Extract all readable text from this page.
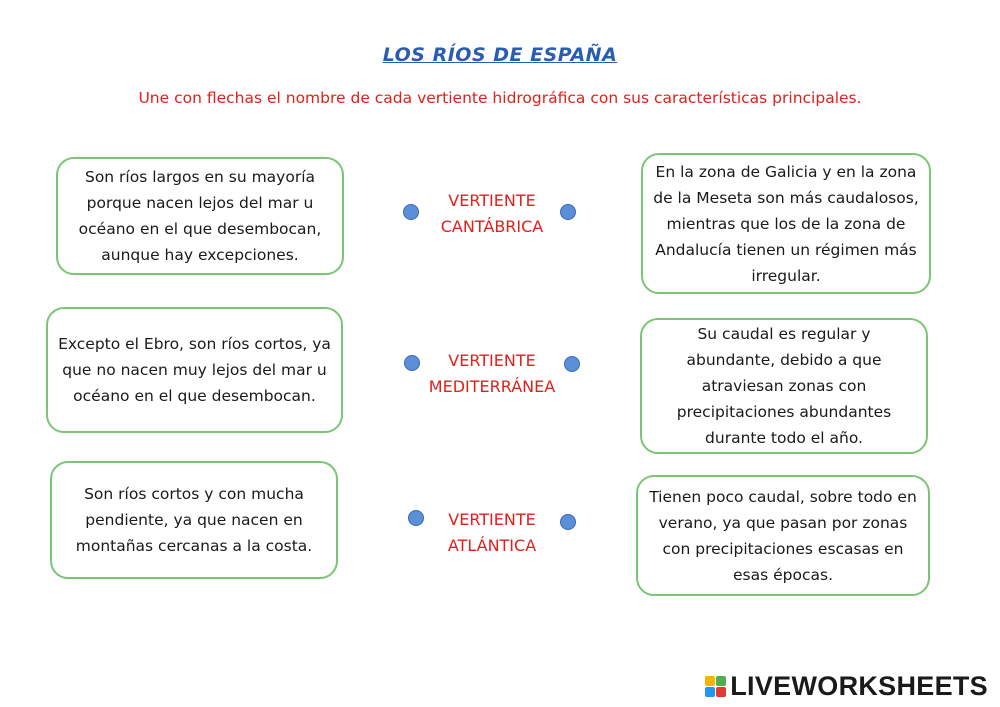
LOS RÍOS DE ESPAÑA
Une con flechas el nombre de cada vertiente hidrográfica con sus características principales.
Son ríos largos en su mayoría porque nacen lejos del mar u océano en el que desembocan, aunque hay excepciones.
Excepto el Ebro, son ríos cortos, ya que no nacen muy lejos del mar u océano en el que desembocan.
Son ríos cortos y con mucha pendiente, ya que nacen en montañas cercanas a la costa.
VERTIENTE
CANTÁBRICA
VERTIENTE
MEDITERRÁNEA
VERTIENTE
ATLÁNTICA
En la zona de Galicia y en la zona de la Meseta son más caudalosos, mientras que los de la zona de Andalucía tienen un régimen más irregular.
Su caudal es regular y abundante, debido a que atraviesan zonas con precipitaciones abundantes durante todo el año.
Tienen poco caudal, sobre todo en verano, ya que pasan por zonas con precipitaciones escasas en esas épocas.
LIVEWORKSHEETS
